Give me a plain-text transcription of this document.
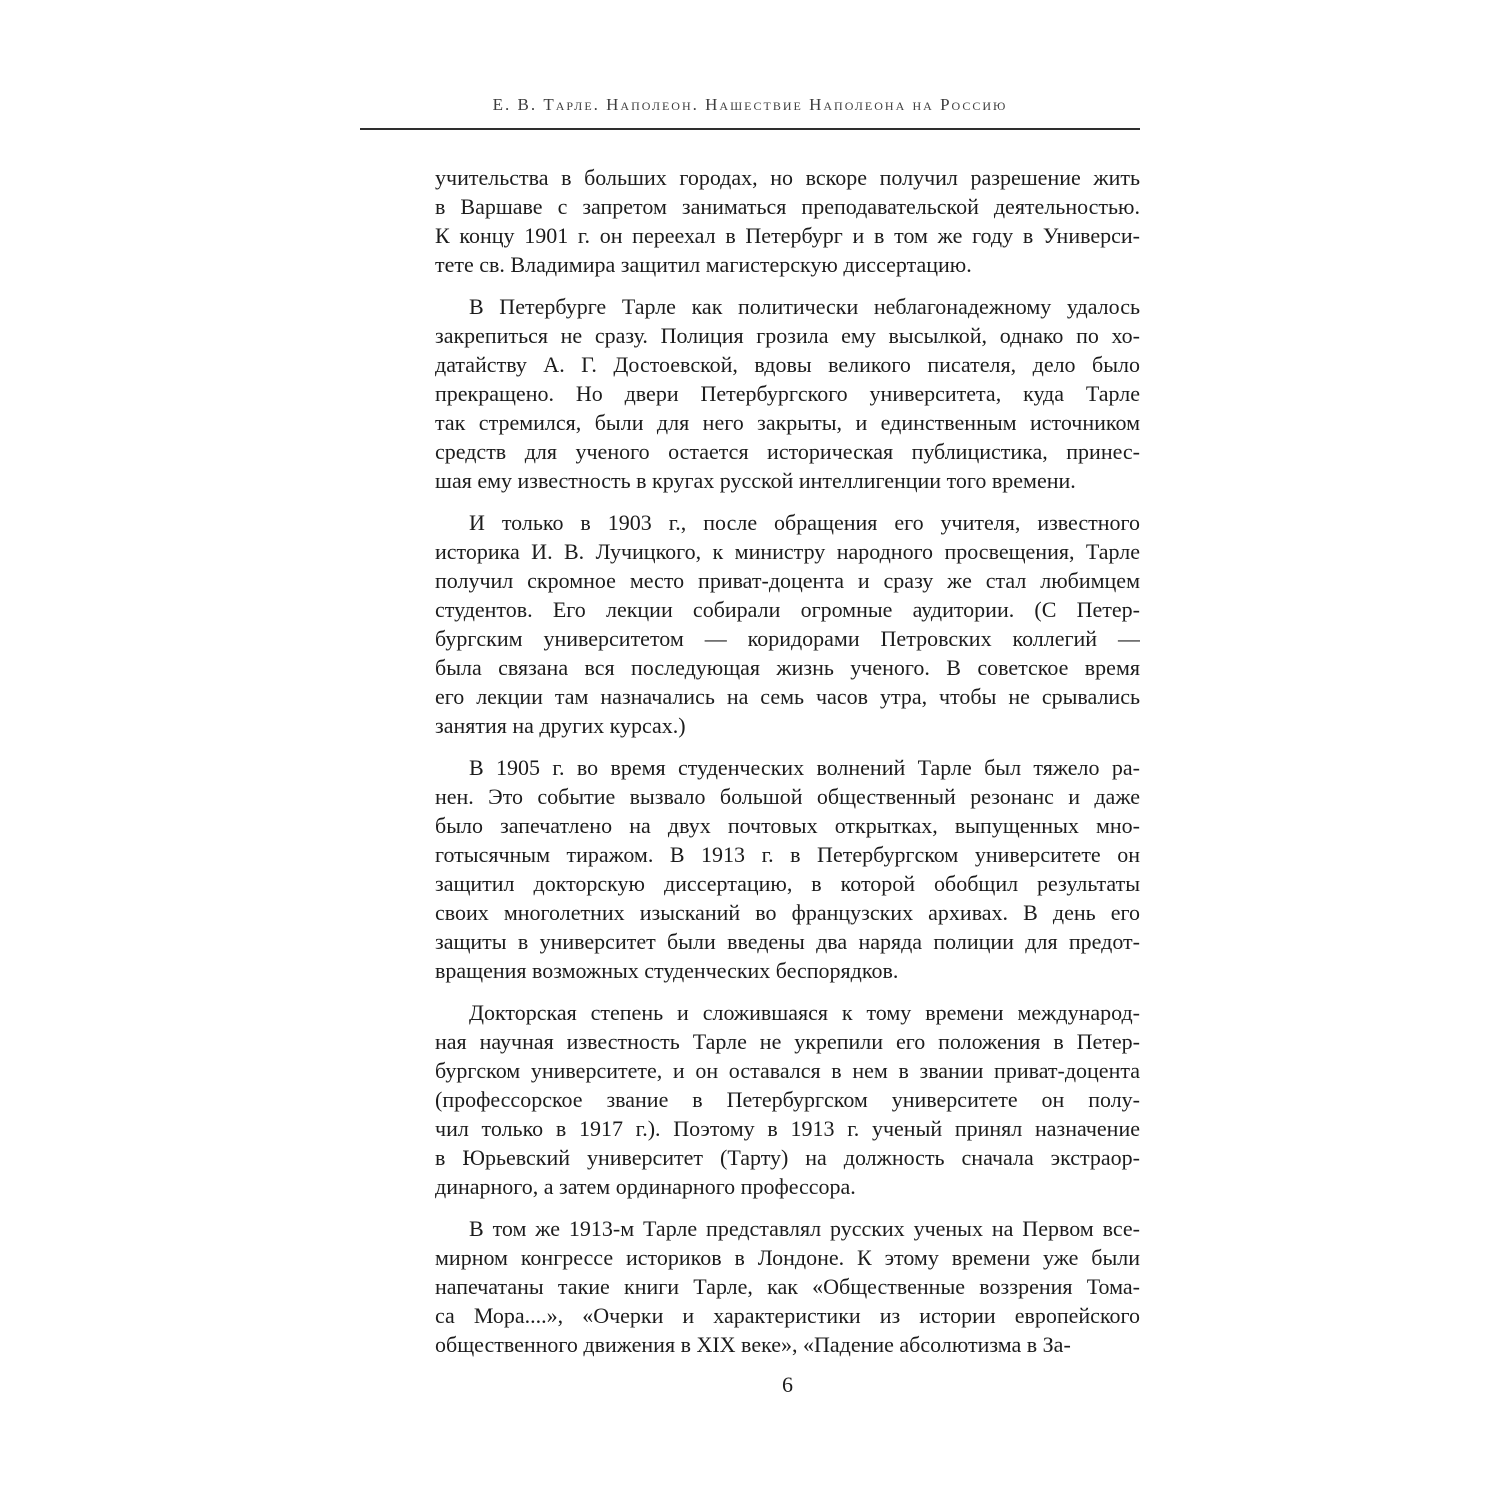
Е. В. Тарле. Наполеон. Нашествие Наполеона на Россию
учительства в больших городах, но вскоре получил разрешение жить
в Варшаве с запретом заниматься преподавательской деятельностью.
К концу 1901 г. он переехал в Петербург и в том же году в Универси-
тете св. Владимира защитил магистерскую диссертацию.
В Петербурге Тарле как политически неблагонадежному удалось
закрепиться не сразу. Полиция грозила ему высылкой, однако по хо-
датайству А. Г. Достоевской, вдовы великого писателя, дело было
прекращено. Но двери Петербургского университета, куда Тарле
так стремился, были для него закрыты, и единственным источником
средств для ученого остается историческая публицистика, принес-
шая ему известность в кругах русской интеллигенции того времени.
И только в 1903 г., после обращения его учителя, известного
историка И. В. Лучицкого, к министру народного просвещения, Тарле
получил скромное место приват-доцента и сразу же стал любимцем
студентов. Его лекции собирали огромные аудитории. (С Петер-
бургским университетом — коридорами Петровских коллегий —
была связана вся последующая жизнь ученого. В советское время
его лекции там назначались на семь часов утра, чтобы не срывались
занятия на других курсах.)
В 1905 г. во время студенческих волнений Тарле был тяжело ра-
нен. Это событие вызвало большой общественный резонанс и даже
было запечатлено на двух почтовых открытках, выпущенных мно-
готысячным тиражом. В 1913 г. в Петербургском университете он
защитил докторскую диссертацию, в которой обобщил результаты
своих многолетних изысканий во французских архивах. В день его
защиты в университет были введены два наряда полиции для предот-
вращения возможных студенческих беспорядков.
Докторская степень и сложившаяся к тому времени международ-
ная научная известность Тарле не укрепили его положения в Петер-
бургском университете, и он оставался в нем в звании приват-доцента
(профессорское звание в Петербургском университете он полу-
чил только в 1917 г.). Поэтому в 1913 г. ученый принял назначение
в Юрьевский университет (Тарту) на должность сначала экстраор-
динарного, а затем ординарного профессора.
В том же 1913-м Тарле представлял русских ученых на Первом все-
мирном конгрессе историков в Лондоне. К этому времени уже были
напечатаны такие книги Тарле, как «Общественные воззрения Тома-
са Мора....», «Очерки и характеристики из истории европейского
общественного движения в XIX веке», «Падение абсолютизма в За-
6
